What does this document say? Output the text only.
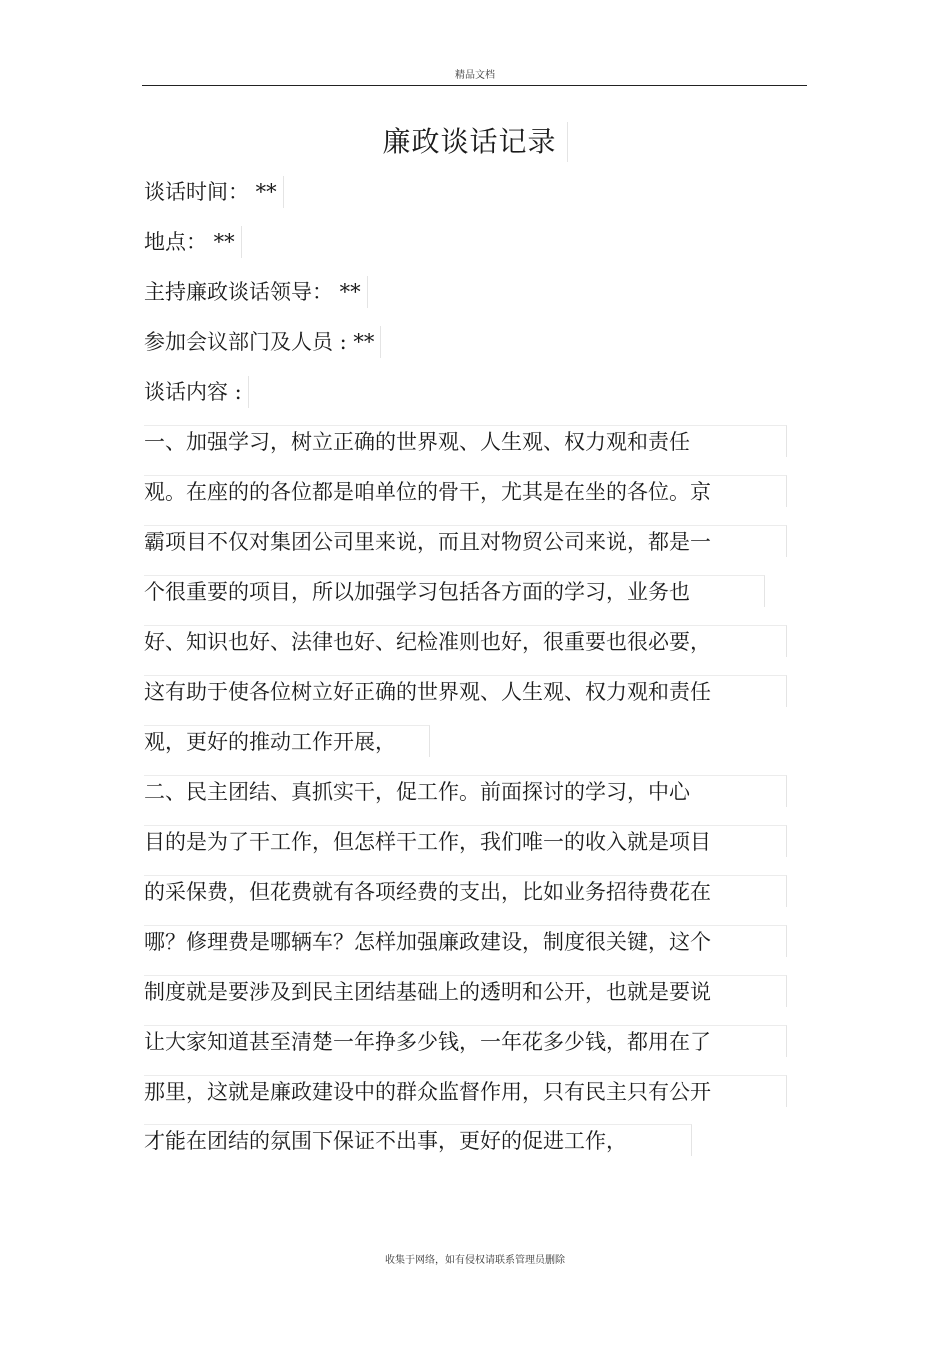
精品文档
廉政谈话记录
谈话时间： **
地点： **
主持廉政谈话领导： **
参加会议部门及人员 : **
谈话内容 :
一、加强学习，树立正确的世界观、人生观、权力观和责任
观。在座的的各位都是咱单位的骨干，尤其是在坐的各位。京
霸项目不仅对集团公司里来说，而且对物贸公司来说，都是一
个很重要的项目，所以加强学习包括各方面的学习，业务也
好、知识也好、法律也好、纪检准则也好，很重要也很必要，
这有助于使各位树立好正确的世界观、人生观、权力观和责任
观，更好的推动工作开展，
二、民主团结、真抓实干，促工作。前面探讨的学习，中心
目的是为了干工作，但怎样干工作，我们唯一的收入就是项目
的采保费，但花费就有各项经费的支出，比如业务招待费花在
哪？修理费是哪辆车？怎样加强廉政建设，制度很关键，这个
制度就是要涉及到民主团结基础上的透明和公开，也就是要说
让大家知道甚至清楚一年挣多少钱，一年花多少钱，都用在了
那里，这就是廉政建设中的群众监督作用，只有民主只有公开
才能在团结的氛围下保证不出事，更好的促进工作，
收集于网络，如有侵权请联系管理员删除
